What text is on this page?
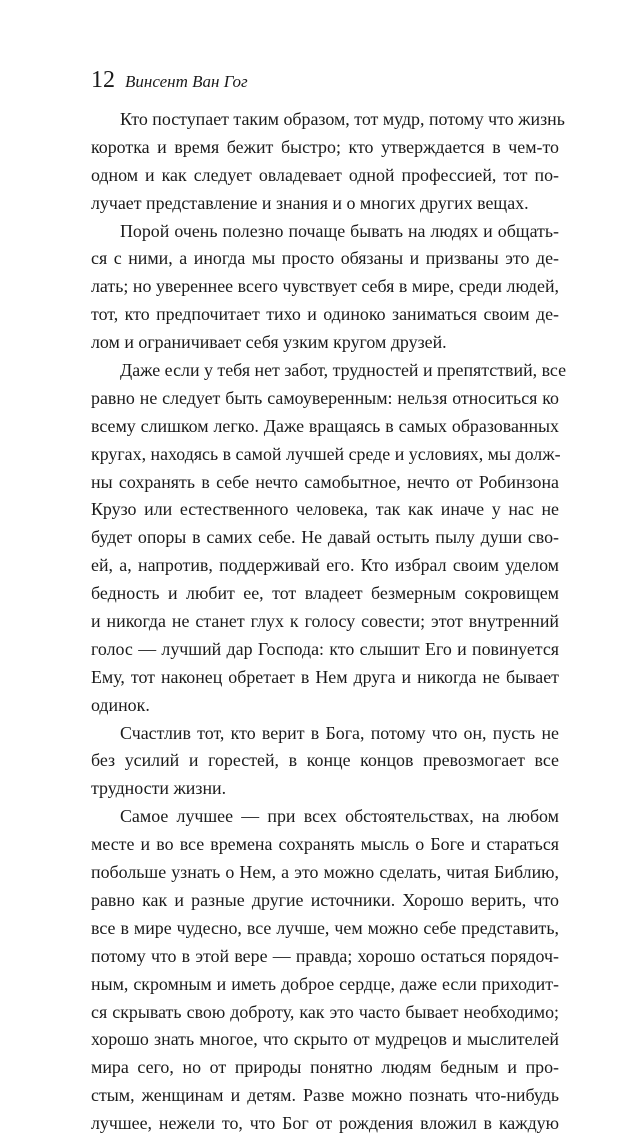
12 Винсент Ван Гог
Кто поступает таким образом, тот мудр, потому что жизнь
коротка и время бежит быстро; кто утверждается в чем-то
одном и как следует овладевает одной профессией, тот по-
лучает представление и знания и о многих других вещах.
Порой очень полезно почаще бывать на людях и общать-
ся с ними, а иногда мы просто обязаны и призваны это де-
лать; но увереннее всего чувствует себя в мире, среди людей,
тот, кто предпочитает тихо и одиноко заниматься своим де-
лом и ограничивает себя узким кругом друзей.
Даже если у тебя нет забот, трудностей и препятствий, все
равно не следует быть самоуверенным: нельзя относиться ко
всему слишком легко. Даже вращаясь в самых образованных
кругах, находясь в самой лучшей среде и условиях, мы долж-
ны сохранять в себе нечто самобытное, нечто от Робинзона
Крузо или естественного человека, так как иначе у нас не
будет опоры в самих себе. Не давай остыть пылу души сво-
ей, а, напротив, поддерживай его. Кто избрал своим уделом
бедность и любит ее, тот владеет безмерным сокровищем
и никогда не станет глух к голосу совести; этот внутренний
голос — лучший дар Господа: кто слышит Его и повинуется
Ему, тот наконец обретает в Нем друга и никогда не бывает
одинок.
Счастлив тот, кто верит в Бога, потому что он, пусть не
без усилий и горестей, в конце концов превозмогает все
трудности жизни.
Самое лучшее — при всех обстоятельствах, на любом
месте и во все времена сохранять мысль о Боге и стараться
побольше узнать о Нем, а это можно сделать, читая Библию,
равно как и разные другие источники. Хорошо верить, что
все в мире чудесно, все лучше, чем можно себе представить,
потому что в этой вере — правда; хорошо остаться порядоч-
ным, скромным и иметь доброе сердце, даже если приходит-
ся скрывать свою доброту, как это часто бывает необходимо;
хорошо знать многое, что скрыто от мудрецов и мыслителей
мира сего, но от природы понятно людям бедным и про-
стым, женщинам и детям. Разве можно познать что-нибудь
лучшее, нежели то, что Бог от рождения вложил в каждую
